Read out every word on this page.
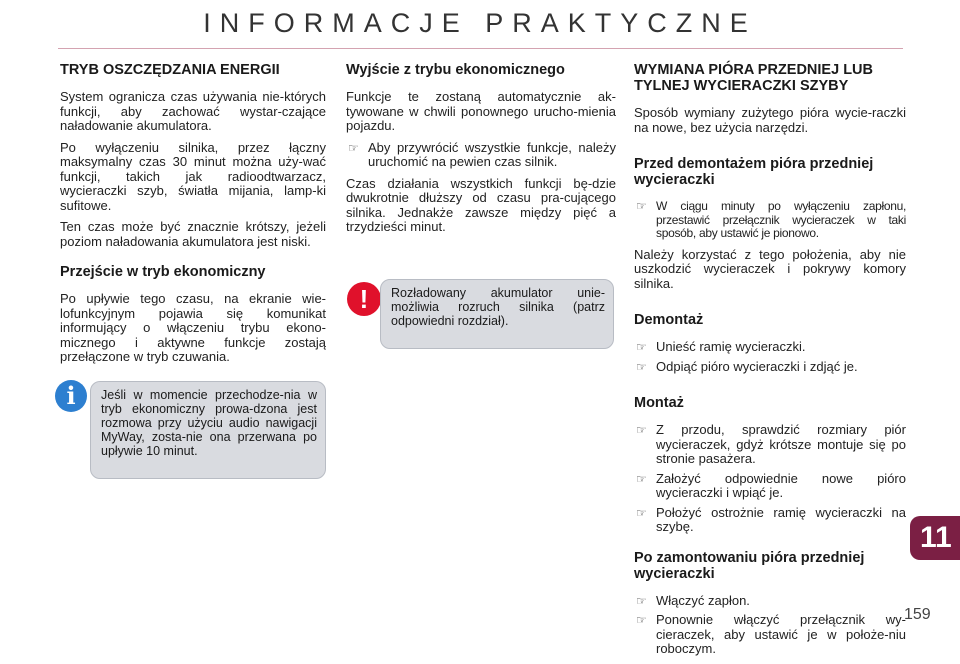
INFORMACJE PRAKTYCZNE
TRYB OSZCZĘDZANIA ENERGII

System ogranicza czas używania nie-których funkcji, aby zachować wystar-czające naładowanie akumulatora.

Po wyłączeniu silnika, przez łączny maksymalny czas 30 minut można uży-wać funkcji, takich jak radioodtwarzacz, wycieraczki szyb, światła mijania, lamp-ki sufitowe.

Ten czas może być znacznie krótszy, jeżeli poziom naładowania akumulatora jest niski.

Przejście w tryb ekonomiczny

Po upływie tego czasu, na ekranie wie-lofunkcyjnym pojawia się komunikat informujący o włączeniu trybu ekono-micznego i aktywne funkcje zostają przełączone w tryb czuwania.

i	Jeśli w momencie przechodze-nia w tryb ekonomiczny prowa-dzona jest rozmowa przy użyciu audio nawigacji MyWay, zosta-nie ona przerwana po upływie 10 minut.

Wyjście z trybu ekonomicznego

Funkcje te zostaną automatycznie ak-tywowane w chwili ponownego urucho-mienia pojazdu.

☞ Aby przywrócić wszystkie funkcje, należy uruchomić na pewien czas silnik.

Czas działania wszystkich funkcji bę-dzie dwukrotnie dłuższy od czasu pra-cującego silnika. Jednakże zawsze między pięć a trzydzieści minut.

!	Rozładowany akumulator unie-możliwia rozruch silnika (patrz odpowiedni rozdział).

WYMIANA PIÓRA PRZEDNIEJ LUB TYLNEJ WYCIERACZKI SZYBY

Sposób wymiany zużytego pióra wycie-raczki na nowe, bez użycia narzędzi.

Przed demontażem pióra przedniej wycieraczki
☞ W ciągu minuty po wyłączeniu zapłonu, przestawić przełącznik wycieraczek w taki sposób, aby ustawić je pionowo.

Należy korzystać z tego położenia, aby nie uszkodzić wycieraczek i pokrywy komory silnika.

Demontaż
☞ Unieść ramię wycieraczki.
☞ Odpiąć pióro wycieraczki i zdjąć je.
Montaż
☞ Z przodu, sprawdzić rozmiary piór wycieraczek, gdyż krótsze montuje się po stronie pasażera.
☞ Założyć odpowiednie nowe pióro wycieraczki i wpiąć je.
☞ Położyć ostrożnie ramię wycieraczki na szybę.
Po zamontowaniu pióra przedniej wycieraczki
☞ Włączyć zapłon.
☞ Ponownie włączyć przełącznik wy-cieraczek, aby ustawić je w położe-niu roboczym.
11
159
